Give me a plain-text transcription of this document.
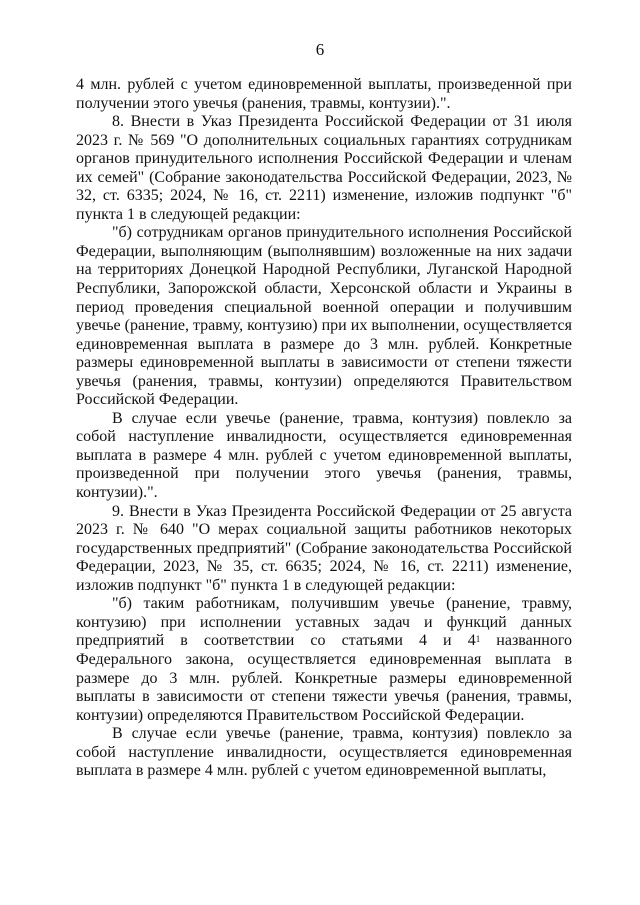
6

4 млн. рублей с учетом единовременной выплаты, произведенной при получении этого увечья (ранения, травмы, контузии).".

8. Внести в Указ Президента Российской Федерации от 31 июля 2023 г. № 569 "О дополнительных социальных гарантиях сотрудникам органов принудительного исполнения Российской Федерации и членам их семей" (Собрание законодательства Российской Федерации, 2023, № 32, ст. 6335; 2024, № 16, ст. 2211) изменение, изложив подпункт "б" пункта 1 в следующей редакции:

"б) сотрудникам органов принудительного исполнения Российской Федерации, выполняющим (выполнявшим) возложенные на них задачи на территориях Донецкой Народной Республики, Луганской Народной Республики, Запорожской области, Херсонской области и Украины в период проведения специальной военной операции и получившим увечье (ранение, травму, контузию) при их выполнении, осуществляется единовременная выплата в размере до 3 млн. рублей. Конкретные размеры единовременной выплаты в зависимости от степени тяжести увечья (ранения, травмы, контузии) определяются Правительством Российской Федерации.

В случае если увечье (ранение, травма, контузия) повлекло за собой наступление инвалидности, осуществляется единовременная выплата в размере 4 млн. рублей с учетом единовременной выплаты, произведенной при получении этого увечья (ранения, травмы, контузии).".

9. Внести в Указ Президента Российской Федерации от 25 августа 2023 г. № 640 "О мерах социальной защиты работников некоторых государственных предприятий" (Собрание законодательства Российской Федерации, 2023, № 35, ст. 6635; 2024, № 16, ст. 2211) изменение, изложив подпункт "б" пункта 1 в следующей редакции:

"б) таким работникам, получившим увечье (ранение, травму, контузию) при исполнении уставных задач и функций данных предприятий в соответствии со статьями 4 и $4^1$ названного Федерального закона, осуществляется единовременная выплата в размере до 3 млн. рублей. Конкретные размеры единовременной выплаты в зависимости от степени тяжести увечья (ранения, травмы, контузии) определяются Правительством Российской Федерации.

В случае если увечье (ранение, травма, контузия) повлекло за собой наступление инвалидности, осуществляется единовременная выплата в размере 4 млн. рублей с учетом единовременной выплаты,
